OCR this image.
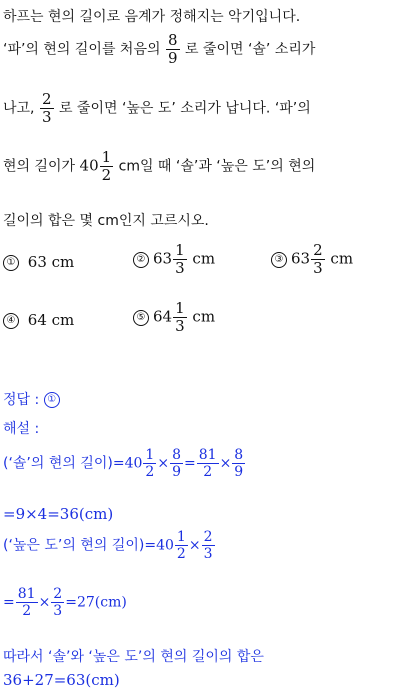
하프는 현의 길이로 음계가 정해지는 악기입니다.
‘파’의 현의 길이를 처음의 $\frac{8}{9}$ 로 줄이면 ‘솔’ 소리가
나고, $\frac{2}{3}$ 로 줄이면 ‘높은 도’ 소리가 납니다. ‘파’의
현의 길이가 $40 \frac{1}{2}$ cm일 때 ‘솔’과 ‘높은 도’의 현의
길이의 합은 몇 cm인지 고르시오.
① 63 cm	② $63 \frac{1}{3}$ cm	③ $63 \frac{2}{3}$ cm
④ 64 cm	⑤ $64 \frac{1}{3}$ cm
정답 : ①
해설 :
(‘솔’의 현의 길이)$=40 \frac{1}{2} \times \frac{8}{9} = \frac{81}{2} \times \frac{8}{9}$
=9×4=36(cm)
(‘높은 도’의 현의 길이)$=40 \frac{1}{2} \times \frac{2}{3}$
= $\frac{81}{2} \times \frac{2}{3} =27(cm)$
따라서 ‘솔’와 ‘높은 도’의 현의 길이의 합은
36+27=63(cm)
